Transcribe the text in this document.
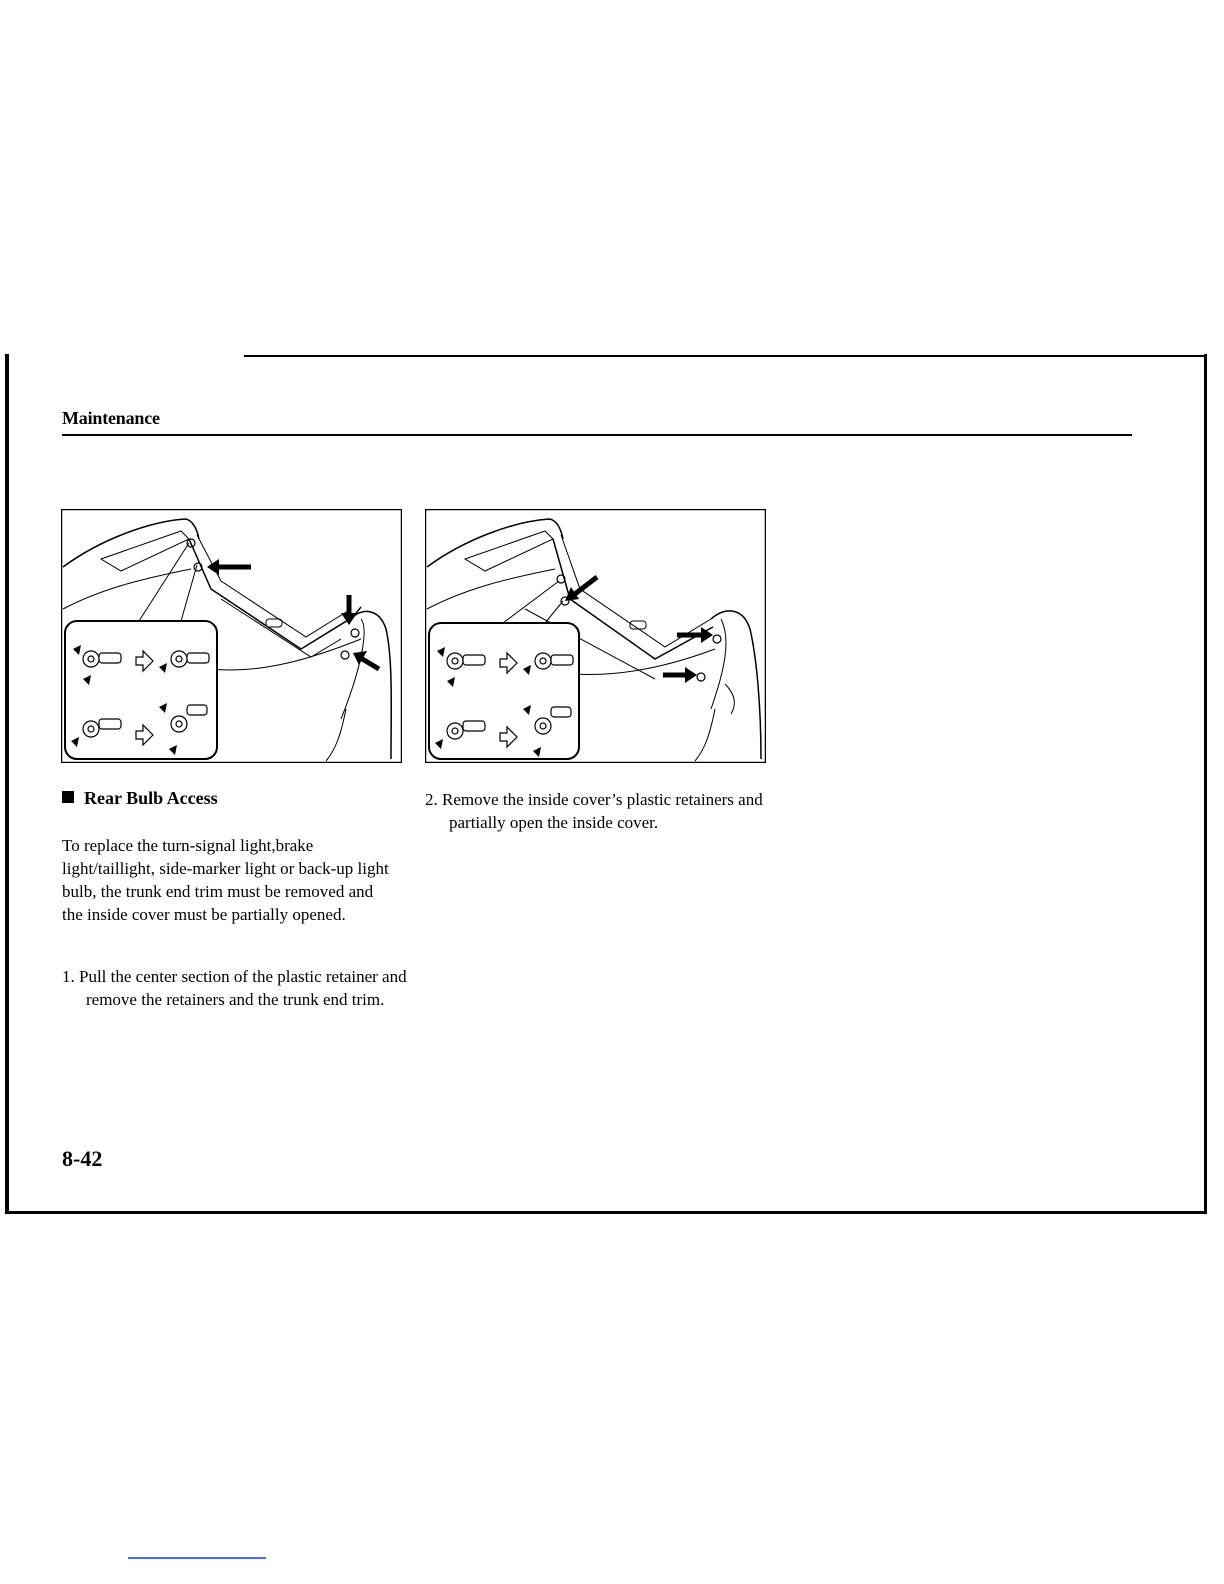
Maintenance
Rear Bulb Access
To replace the turn-signal light,brake light/taillight, side-marker light or back-up light bulb, the trunk end trim must be removed and the inside cover must be partially opened.
1. Pull the center section of the plastic retainer and remove the retainers and the trunk end trim.
2. Remove the inside cover’s plastic retainers and partially open the inside cover.
8-42
